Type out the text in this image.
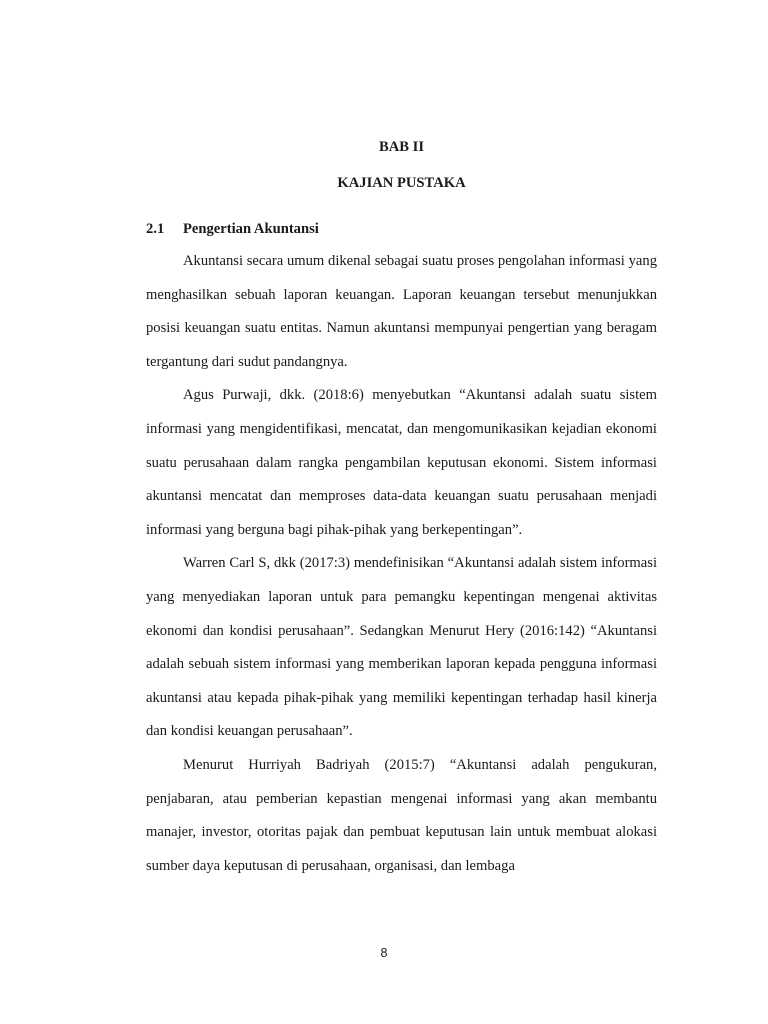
BAB II

KAJIAN PUSTAKA

2.1	Pengertian Akuntansi

Akuntansi secara umum dikenal sebagai suatu proses pengolahan informasi yang menghasilkan sebuah laporan keuangan. Laporan keuangan tersebut menunjukkan posisi keuangan suatu entitas. Namun akuntansi mempunyai pengertian yang beragam tergantung dari sudut pandangnya.

Agus Purwaji, dkk. (2018:6) menyebutkan “Akuntansi adalah suatu sistem informasi yang mengidentifikasi, mencatat, dan mengomunikasikan kejadian ekonomi suatu perusahaan dalam rangka pengambilan keputusan ekonomi. Sistem informasi akuntansi mencatat dan memproses data-data keuangan suatu perusahaan menjadi informasi yang berguna bagi pihak-pihak yang berkepentingan”.

Warren Carl S, dkk (2017:3) mendefinisikan “Akuntansi adalah sistem informasi yang menyediakan laporan untuk para pemangku kepentingan mengenai aktivitas ekonomi dan kondisi perusahaan”. Sedangkan Menurut Hery (2016:142) “Akuntansi adalah sebuah sistem informasi yang memberikan laporan kepada pengguna informasi akuntansi atau kepada pihak-pihak yang memiliki kepentingan terhadap hasil kinerja dan kondisi keuangan perusahaan”.

Menurut Hurriyah Badriyah (2015:7) “Akuntansi adalah pengukuran, penjabaran, atau pemberian kepastian mengenai informasi yang akan membantu manajer, investor, otoritas pajak dan pembuat keputusan lain untuk membuat alokasi sumber daya keputusan di perusahaan, organisasi, dan lembaga

8
